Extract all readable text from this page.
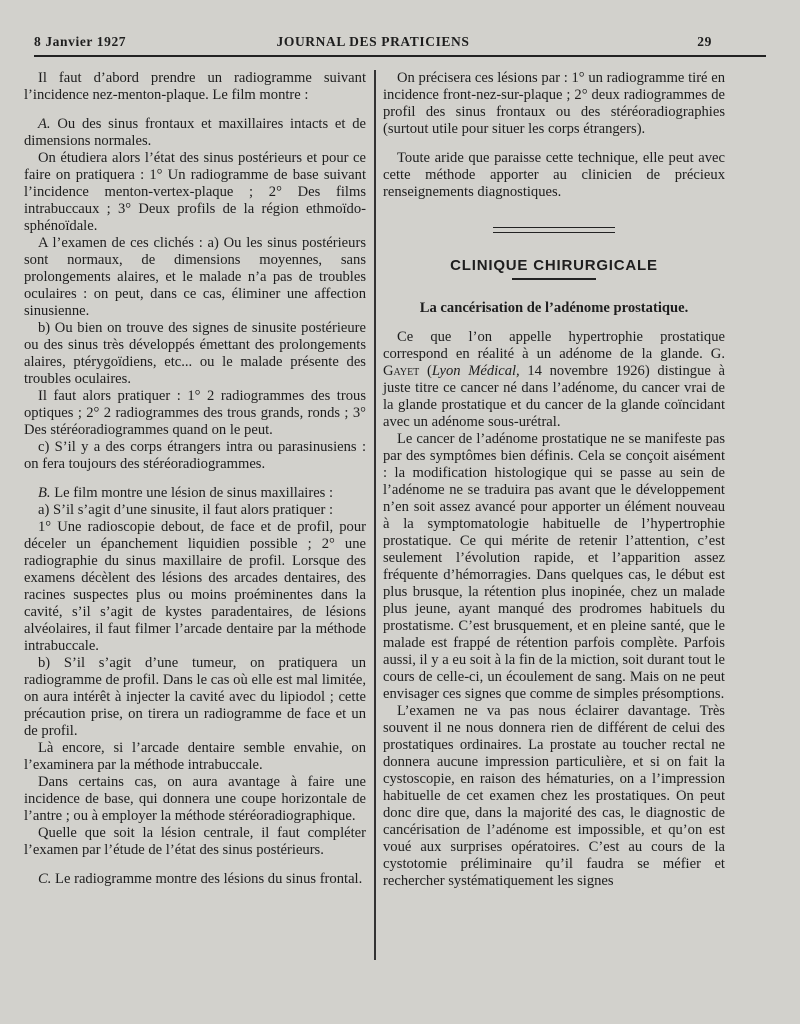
8 Janvier 1927	JOURNAL DES PRATICIENS	29

Il faut d’abord prendre un radiogramme suivant l’incidence nez-menton-plaque. Le film montre :

A. Ou des sinus frontaux et maxillaires intacts et de dimensions normales.

On étudiera alors l’état des sinus postérieurs et pour ce faire on pratiquera : 1° Un radiogramme de base suivant l’incidence menton-vertex-plaque ; 2° Des films intrabuccaux ; 3° Deux profils de la région ethmoïdo-sphénoïdale.

A l’examen de ces clichés : a) Ou les sinus postérieurs sont normaux, de dimensions moyennes, sans prolongements alaires, et le malade n’a pas de troubles oculaires : on peut, dans ce cas, éliminer une affection sinusienne.

b) Ou bien on trouve des signes de sinusite postérieure ou des sinus très développés émettant des prolongements alaires, ptérygoïdiens, etc... ou le malade présente des troubles oculaires.

Il faut alors pratiquer : 1° 2 radiogrammes des trous optiques ; 2° 2 radiogrammes des trous grands, ronds ; 3° Des stéréoradiogrammes quand on le peut.

c) S’il y a des corps étrangers intra ou parasinusiens : on fera toujours des stéréoradiogrammes.

B. Le film montre une lésion de sinus maxillaires :

a) S’il s’agit d’une sinusite, il faut alors pratiquer :

1° Une radioscopie debout, de face et de profil, pour déceler un épanchement liquidien possible ; 2° une radiographie du sinus maxillaire de profil. Lorsque des examens décèlent des lésions des arcades dentaires, des racines suspectes plus ou moins proéminentes dans la cavité, s’il s’agit de kystes paradentaires, de lésions alvéolaires, il faut filmer l’arcade dentaire par la méthode intrabuccale.

b) S’il s’agit d’une tumeur, on pratiquera un radiogramme de profil. Dans le cas où elle est mal limitée, on aura intérêt à injecter la cavité avec du lipiodol ; cette précaution prise, on tirera un radiogramme de face et un de profil.

Là encore, si l’arcade dentaire semble envahie, on l’examinera par la méthode intrabuccale.

Dans certains cas, on aura avantage à faire une incidence de base, qui donnera une coupe horizontale de l’antre ; ou à employer la méthode stéréoradiographique.

Quelle que soit la lésion centrale, il faut compléter l’examen par l’étude de l’état des sinus postérieurs.

C. Le radiogramme montre des lésions du sinus frontal.

On précisera ces lésions par : 1° un radiogramme tiré en incidence front-nez-sur-plaque ; 2° deux radiogrammes de profil des sinus frontaux ou des stéréoradiographies (surtout utile pour situer les corps étrangers).

Toute aride que paraisse cette technique, elle peut avec cette méthode apporter au clinicien de précieux renseignements diagnostiques.

CLINIQUE CHIRURGICALE
La cancérisation de l’adénome prostatique.

Ce que l’on appelle hypertrophie prostatique correspond en réalité à un adénome de la glande. G. Gayet (Lyon Médical, 14 novembre 1926) distingue à juste titre ce cancer né dans l’adénome, du cancer vrai de la glande prostatique et du cancer de la glande coïncidant avec un adénome sous-urétral.

Le cancer de l’adénome prostatique ne se manifeste pas par des symptômes bien définis. Cela se conçoit aisément : la modification histologique qui se passe au sein de l’adénome ne se traduira pas avant que le développement n’en soit assez avancé pour apporter un élément nouveau à la symptomatologie habituelle de l’hypertrophie prostatique. Ce qui mérite de retenir l’attention, c’est seulement l’évolution rapide, et l’apparition assez fréquente d’hémorragies. Dans quelques cas, le début est plus brusque, la rétention plus inopinée, chez un malade plus jeune, ayant manqué des prodromes habituels du prostatisme. C’est brusquement, et en pleine santé, que le malade est frappé de rétention parfois complète. Parfois aussi, il y a eu soit à la fin de la miction, soit durant tout le cours de celle-ci, un écoulement de sang. Mais on ne peut envisager ces signes que comme de simples présomptions.

L’examen ne va pas nous éclairer davantage. Très souvent il ne nous donnera rien de différent de celui des prostatiques ordinaires. La prostate au toucher rectal ne donnera aucune impression particulière, et si on fait la cystoscopie, en raison des hématuries, on a l’impression habituelle de cet examen chez les prostatiques. On peut donc dire que, dans la majorité des cas, le diagnostic de cancérisation de l’adénome est impossible, et qu’on est voué aux surprises opératoires. C’est au cours de la cystotomie préliminaire qu’il faudra se méfier et rechercher systématiquement les signes
